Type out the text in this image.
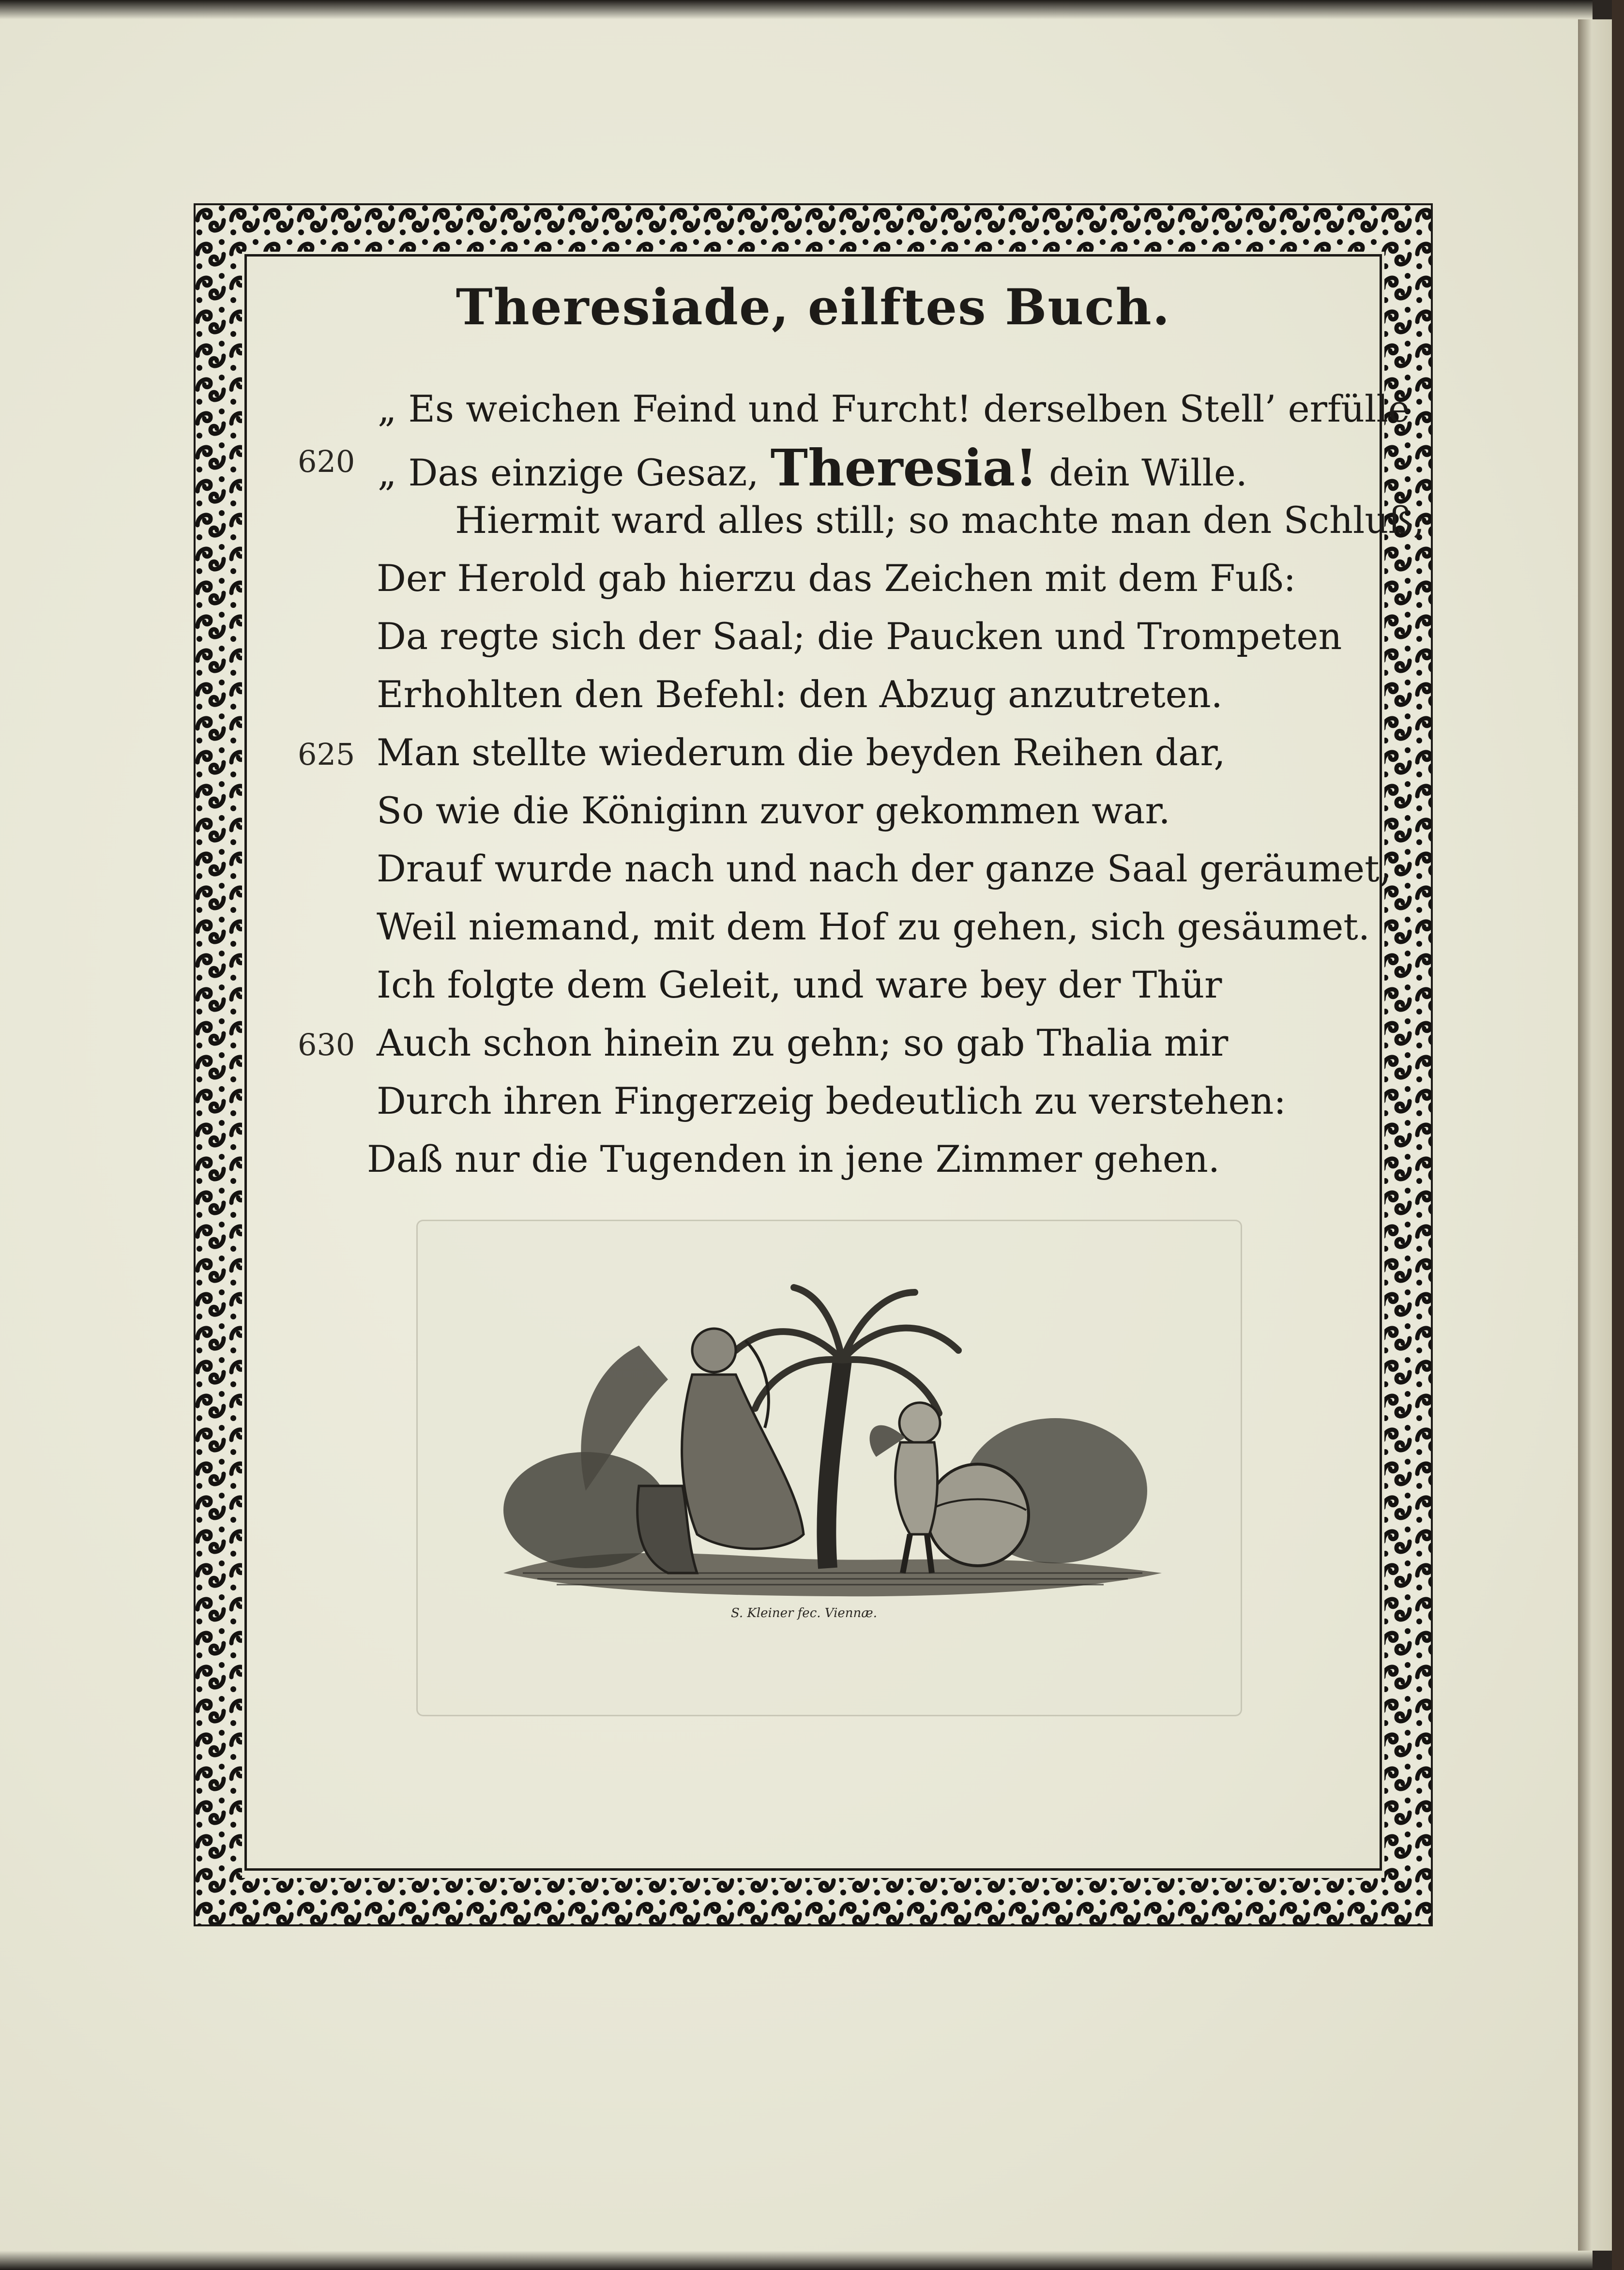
Theresiade, eilftes Buch.
„ Es weichen Feind und Furcht! derselben Stell’ erfülle
620 „ Das einzige Gesaz, Theresia! dein Wille.
Hiermit ward alles still; so machte man den Schluß;
Der Herold gab hierzu das Zeichen mit dem Fuß:
Da regte sich der Saal; die Paucken und Trompeten
Erhohlten den Befehl: den Abzug anzutreten.
625 Man stellte wiederum die beyden Reihen dar,
So wie die Königinn zuvor gekommen war.
Drauf wurde nach und nach der ganze Saal geräumet,
Weil niemand, mit dem Hof zu gehen, sich gesäumet.
Ich folgte dem Geleit, und ware bey der Thür
630 Auch schon hinein zu gehn; so gab Thalia mir
Durch ihren Fingerzeig bedeutlich zu verstehen:
Daß nur die Tugenden in jene Zimmer gehen.
S. Kleiner fec. Viennæ.
